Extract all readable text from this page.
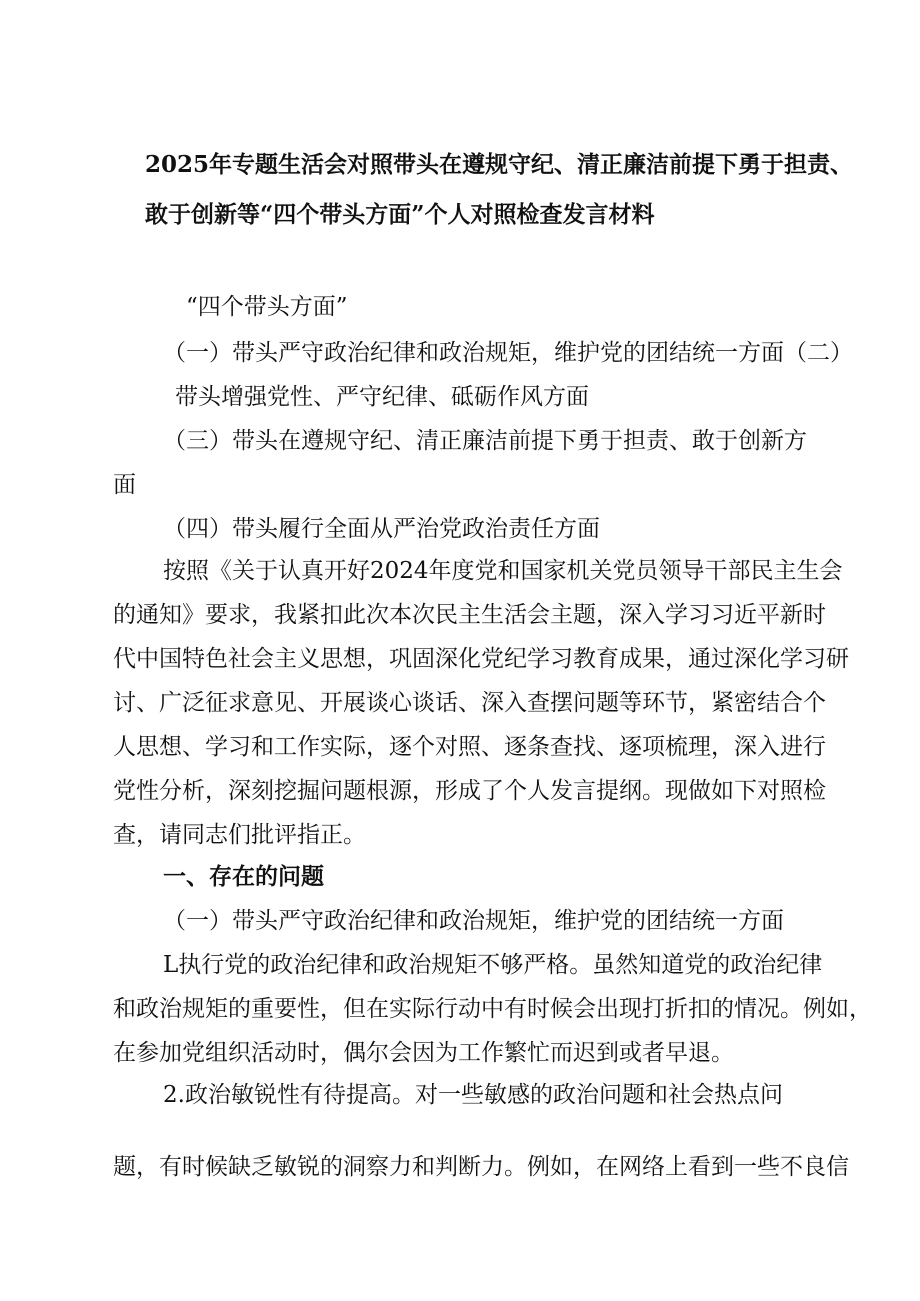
2025年专题生活会对照带头在遵规守纪、清正廉洁前提下勇于担责、
敢于创新等“四个带头方面”个人对照检查发言材料
“四个带头方面”
（一）带头严守政治纪律和政治规矩，维护党的团结统一方面（二）
带头增强党性、严守纪律、砥砺作风方面
（三）带头在遵规守纪、清正廉洁前提下勇于担责、敢于创新方
面
（四）带头履行全面从严治党政治责任方面
按照《关于认真开好2024年度党和国家机关党员领导干部民主生会
的通知》要求，我紧扣此次本次民主生活会主题，深入学习习近平新时
代中国特色社会主义思想，巩固深化党纪学习教育成果，通过深化学习研
讨、广泛征求意见、开展谈心谈话、深入查摆问题等环节，紧密结合个
人思想、学习和工作实际，逐个对照、逐条查找、逐项梳理，深入进行
党性分析，深刻挖掘问题根源，形成了个人发言提纲。现做如下对照检
查，请同志们批评指正。
一、存在的问题
（一）带头严守政治纪律和政治规矩，维护党的团结统一方面
L执行党的政治纪律和政治规矩不够严格。虽然知道党的政治纪律
和政治规矩的重要性，但在实际行动中有时候会出现打折扣的情况。例如，
在参加党组织活动时，偶尔会因为工作繁忙而迟到或者早退。
2.政治敏锐性有待提高。对一些敏感的政治问题和社会热点问
题，有时候缺乏敏锐的洞察力和判断力。例如，在网络上看到一些不良信
